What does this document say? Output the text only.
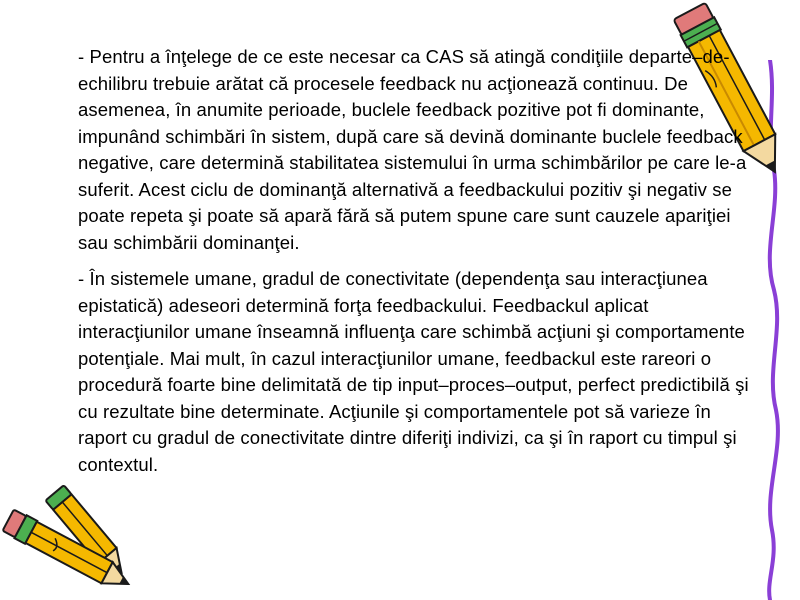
- Pentru a înţelege de ce este necesar ca CAS să atingă condiţiile departe–de-echilibru trebuie arătat că procesele feedback nu acţionează continuu. De asemenea, în anumite perioade, buclele feedback pozitive pot fi dominante, impunând schimbări în sistem, după care să devină dominante buclele feedback negative, care determină stabilitatea sistemului în urma schimbărilor pe care le-a suferit. Acest ciclu de dominanţă alternativă a feedbackului pozitiv şi negativ se poate repeta şi poate să apară fără să putem spune care sunt cauzele apariţiei sau schimbării dominanţei.

- În sistemele umane, gradul de conectivitate (dependenţa sau interacţiunea epistatică) adeseori determină forţa feedbackului. Feedbackul aplicat interacţiunilor umane înseamnă influenţa care schimbă acţiuni şi comportamente potenţiale. Mai mult, în cazul interacţiunilor umane, feedbackul este rareori o procedură foarte bine delimitată de tip input–proces–output, perfect predictibilă şi cu rezultate bine determinate. Acţiunile şi comportamentele pot să varieze în raport cu gradul de conectivitate dintre diferiţi indivizi, ca şi în raport cu timpul şi contextul.
